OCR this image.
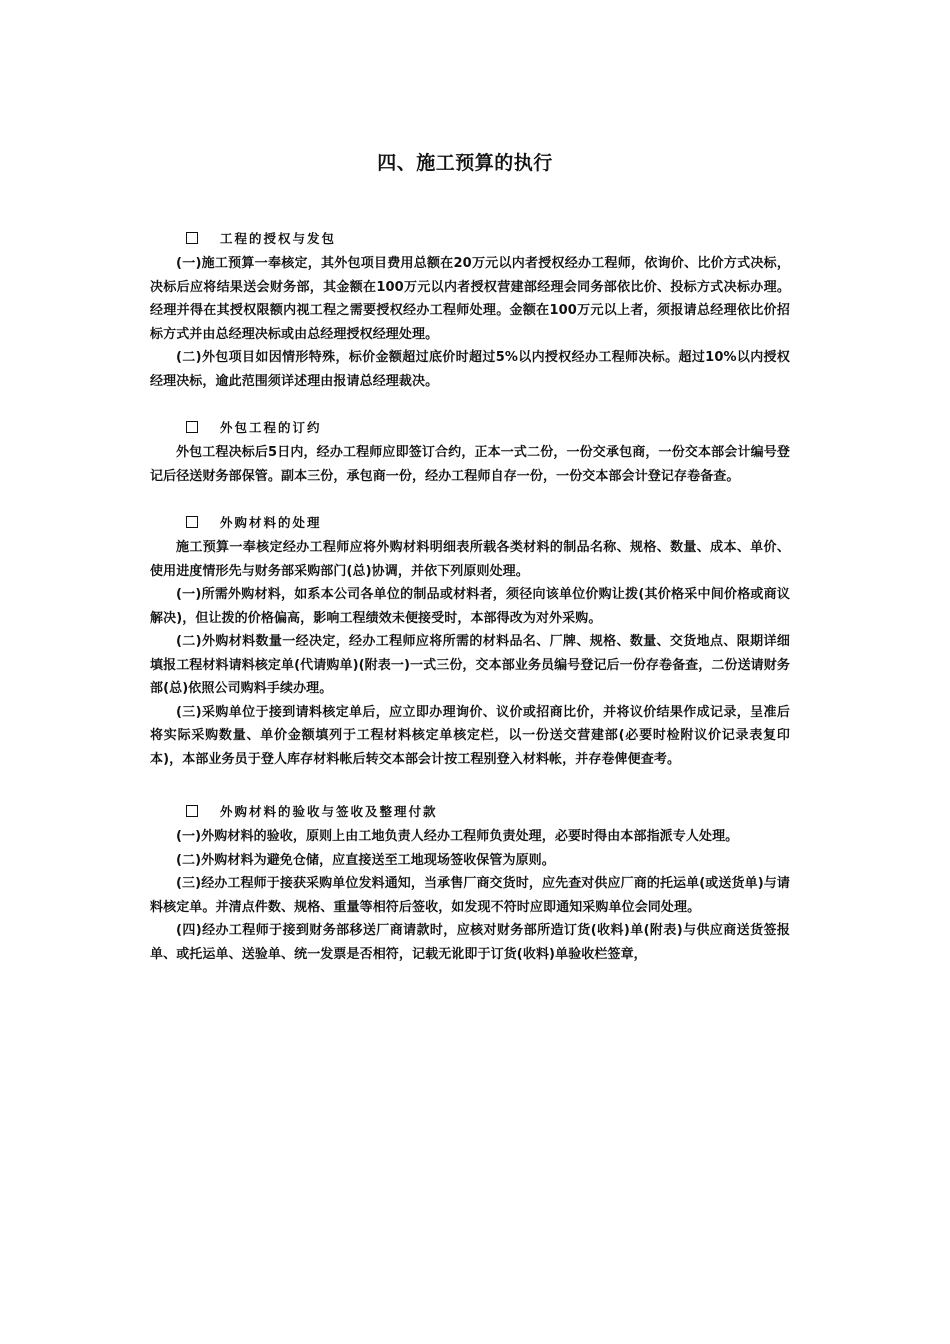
四、施工预算的执行
工程的授权与发包

(一)施工预算一奉核定，其外包项目费用总额在20万元以内者授权经办工程师，依询价、比价方式决标，决标后应将结果送会财务部，其金额在100万元以内者授权营建部经理会同务部依比价、投标方式决标办理。经理并得在其授权限额内视工程之需要授权经办工程师处理。金额在100万元以上者，须报请总经理依比价招标方式并由总经理决标或由总经理授权经理处理。

(二)外包项目如因情形特殊，标价金额超过底价时超过5%以内授权经办工程师决标。超过10%以内授权经理决标，逾此范围须详述理由报请总经理裁决。

外包工程的订约

外包工程决标后5日内，经办工程师应即签订合约，正本一式二份，一份交承包商，一份交本部会计编号登记后径送财务部保管。副本三份，承包商一份，经办工程师自存一份，一份交本部会计登记存卷备查。

外购材料的处理

施工预算一奉核定经办工程师应将外购材料明细表所载各类材料的制品名称、规格、数量、成本、单价、使用进度情形先与财务部采购部门(总)协调，并依下列原则处理。

(一)所需外购材料，如系本公司各单位的制品或材料者，须径向该单位价购让拨(其价格采中间价格或商议解决)，但让拨的价格偏高，影响工程绩效未便接受时，本部得改为对外采购。

(二)外购材料数量一经决定，经办工程师应将所需的材料品名、厂牌、规格、数量、交货地点、限期详细填报工程材料请料核定单(代请购单)(附表一)一式三份，交本部业务员编号登记后一份存卷备查，二份送请财务部(总)依照公司购料手续办理。

(三)采购单位于接到请料核定单后，应立即办理询价、议价或招商比价，并将议价结果作成记录，呈准后将实际采购数量、单价金额填列于工程材料核定单核定栏，以一份送交营建部(必要时检附议价记录表复印本)，本部业务员于登人库存材料帐后转交本部会计按工程别登入材料帐，并存卷俾便查考。

外购材料的验收与签收及整理付款

(一)外购材料的验收，原则上由工地负责人经办工程师负责处理，必要时得由本部指派专人处理。

(二)外购材料为避免仓储，应直接送至工地现场签收保管为原则。

(三)经办工程师于接获采购单位发料通知，当承售厂商交货时，应先查对供应厂商的托运单(或送货单)与请料核定单。并清点件数、规格、重量等相符后签收，如发现不符时应即通知采购单位会同处理。

(四)经办工程师于接到财务部移送厂商请款时，应核对财务部所造订货(收料)单(附表)与供应商送货签报单、或托运单、送验单、统一发票是否相符，记载无讹即于订货(收料)单验收栏签章，
